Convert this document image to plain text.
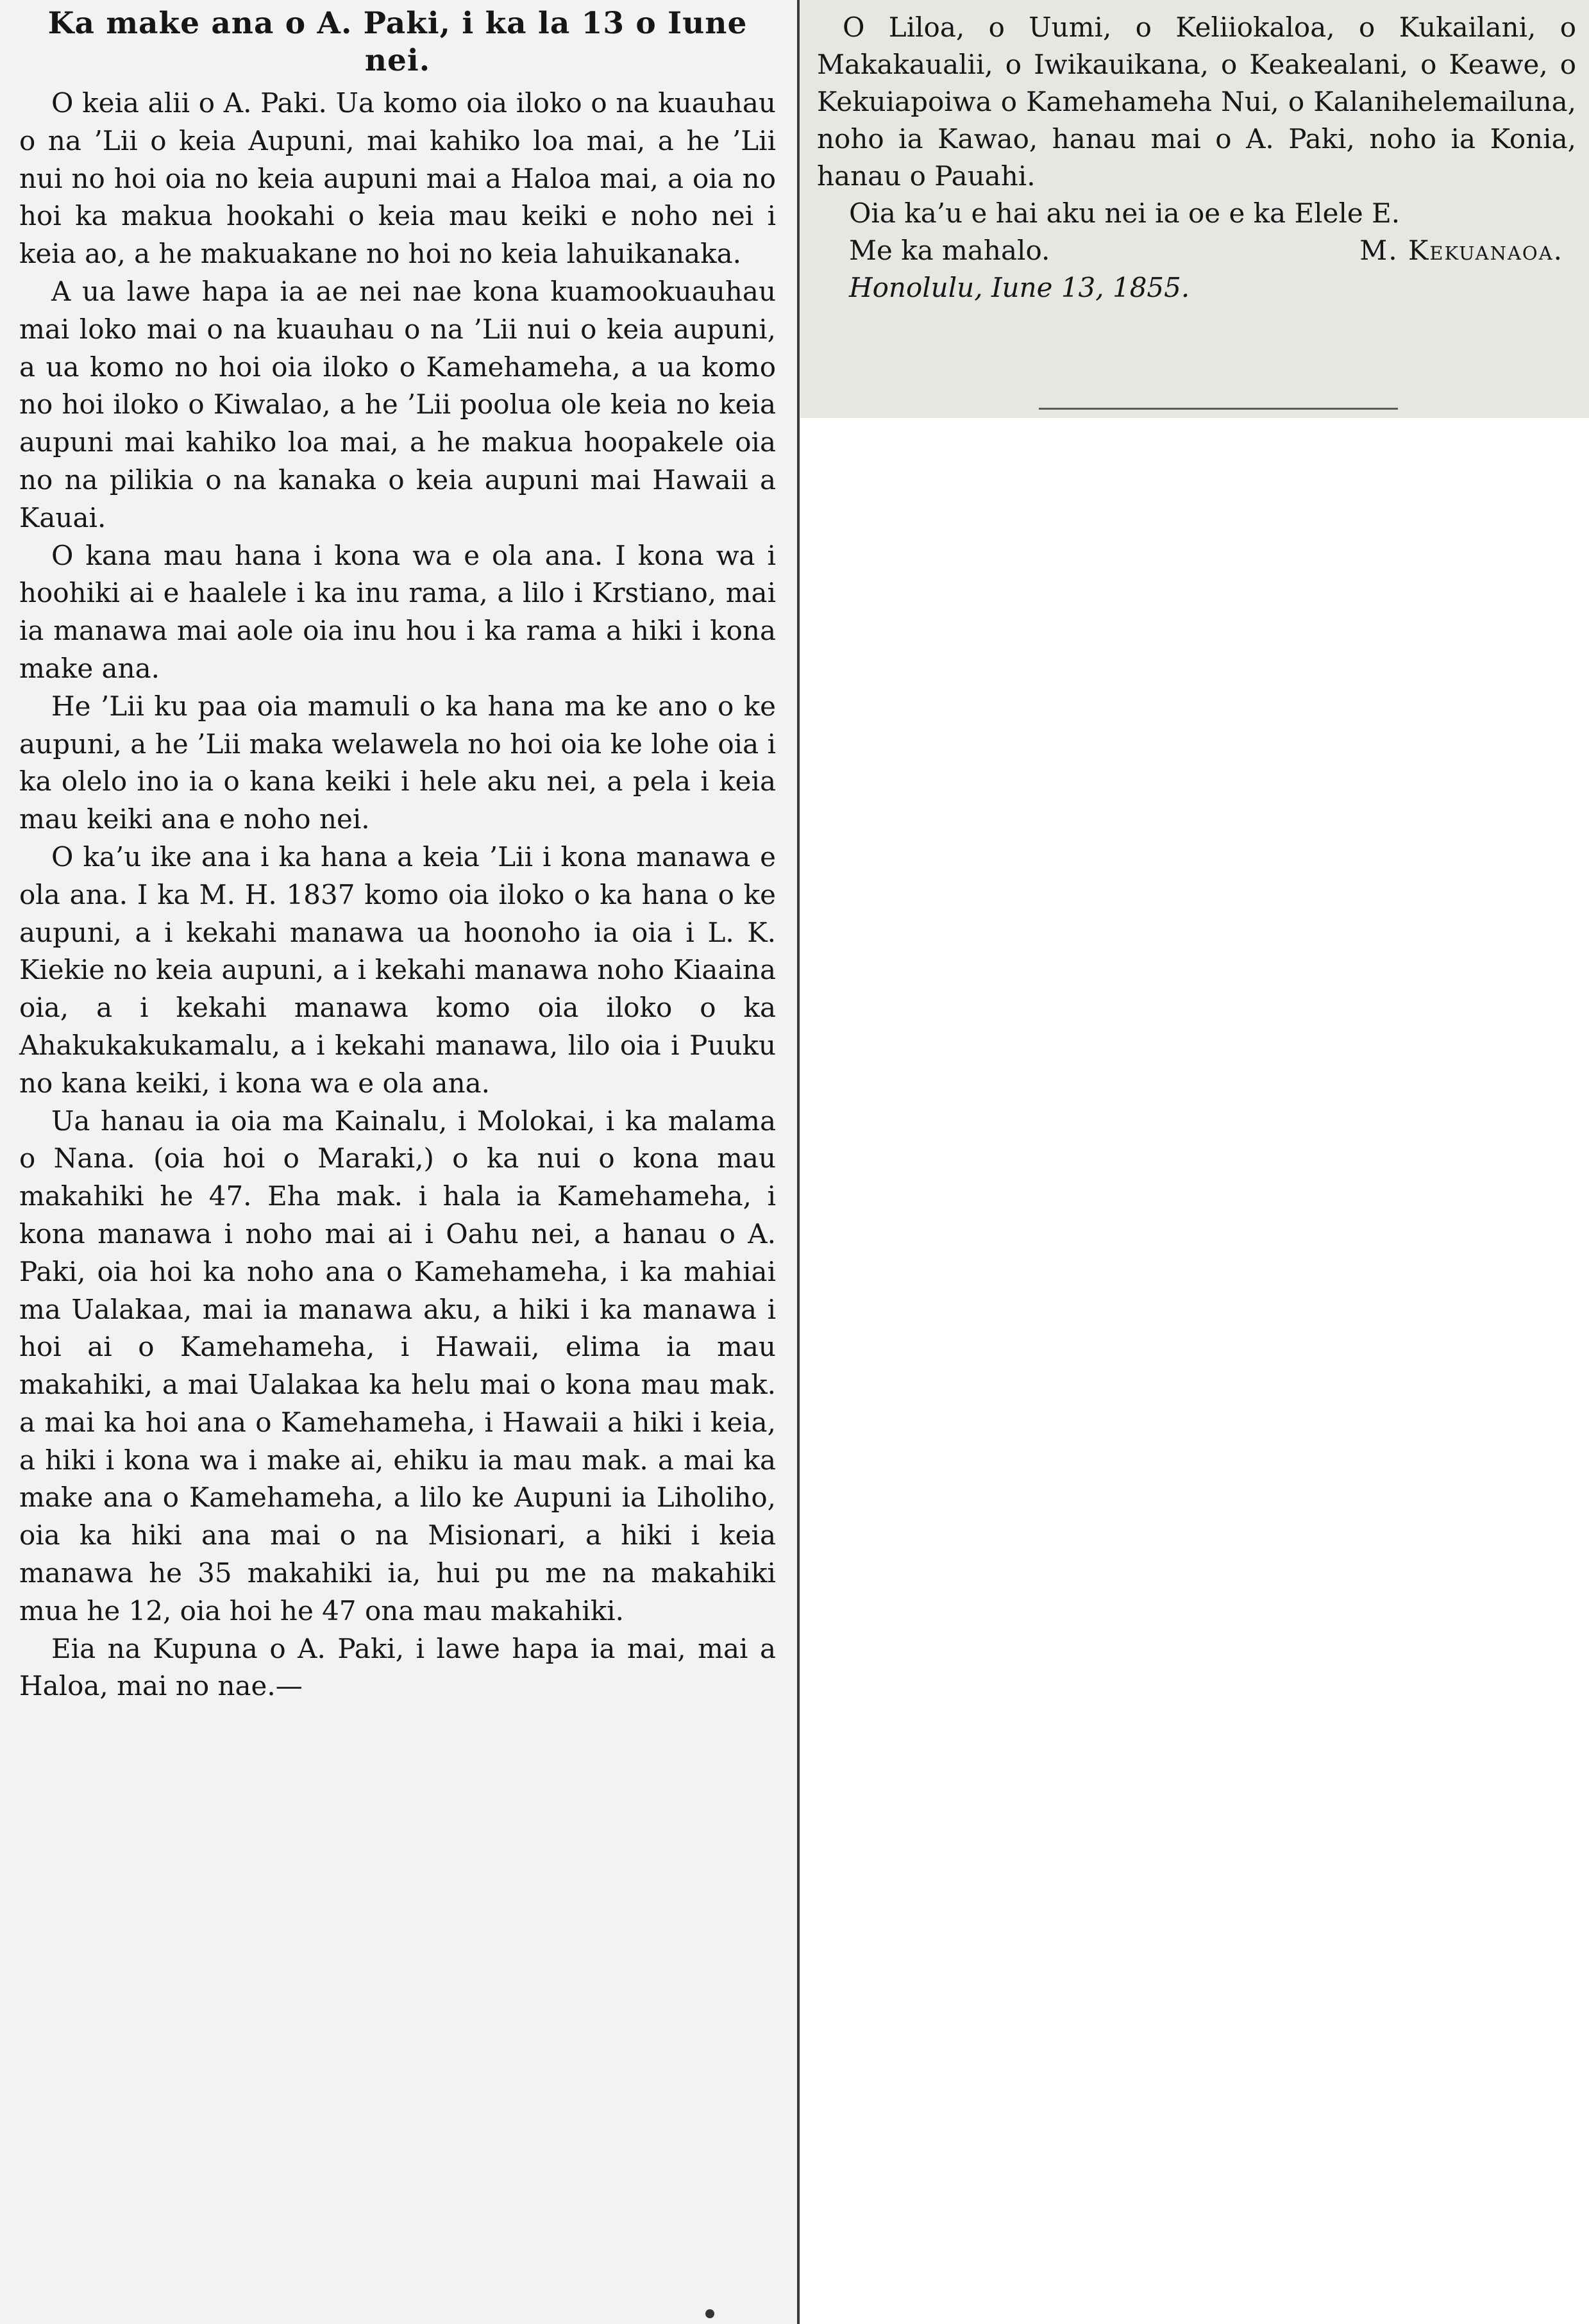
Ka make ana o A. Paki, i ka la 13 o Iune nei.

O keia alii o A. Paki. Ua komo oia iloko o na kuauhau o na ’Lii o keia Aupuni, mai kahiko loa mai, a he ’Lii nui no hoi oia no keia aupuni mai a Haloa mai, a oia no hoi ka makua hookahi o keia mau keiki e noho nei i keia ao, a he makuakane no hoi no keia lahuikanaka.

A ua lawe hapa ia ae nei nae kona kuamookuauhau mai loko mai o na kuauhau o na ’Lii nui o keia aupuni, a ua komo no hoi oia iloko o Kamehameha, a ua komo no hoi iloko o Kiwalao, a he ’Lii poolua ole keia no keia aupuni mai kahiko loa mai, a he makua hoopakele oia no na pilikia o na kanaka o keia aupuni mai Hawaii a Kauai.

O kana mau hana i kona wa e ola ana. I kona wa i hoohiki ai e haalele i ka inu rama, a lilo i Krstiano, mai ia manawa mai aole oia inu hou i ka rama a hiki i kona make ana.

He ’Lii ku paa oia mamuli o ka hana ma ke ano o ke aupuni, a he ’Lii maka welawela no hoi oia ke lohe oia i ka olelo ino ia o kana keiki i hele aku nei, a pela i keia mau keiki ana e noho nei.

O ka’u ike ana i ka hana a keia ’Lii i kona manawa e ola ana. I ka M. H. 1837 komo oia iloko o ka hana o ke aupuni, a i kekahi manawa ua hoonoho ia oia i L. K. Kiekie no keia aupuni, a i kekahi manawa noho Kiaaina oia, a i kekahi manawa komo oia iloko o ka Ahakukakukamalu, a i kekahi manawa, lilo oia i Puuku no kana keiki, i kona wa e ola ana.

Ua hanau ia oia ma Kainalu, i Molokai, i ka malama o Nana. (oia hoi o Maraki,) o ka nui o kona mau makahiki he 47. Eha mak. i hala ia Kamehameha, i kona manawa i noho mai ai i Oahu nei, a hanau o A. Paki, oia hoi ka noho ana o Kamehameha, i ka mahiai ma Ualakaa, mai ia manawa aku, a hiki i ka manawa i hoi ai o Kamehameha, i Hawaii, elima ia mau makahiki, a mai Ualakaa ka helu mai o kona mau mak. a mai ka hoi ana o Kamehameha, i Hawaii a hiki i keia, a hiki i kona wa i make ai, ehiku ia mau mak. a mai ka make ana o Kamehameha, a lilo ke Aupuni ia Liholiho, oia ka hiki ana mai o na Misionari, a hiki i keia manawa he 35 makahiki ia, hui pu me na makahiki mua he 12, oia hoi he 47 ona mau makahiki.

Eia na Kupuna o A. Paki, i lawe hapa ia mai, mai a Haloa, mai no nae.—

O Liloa, o Uumi, o Keliiokaloa, o Kukailani, o Makakaualii, o Iwikauikana, o Keakealani, o Keawe, o Kekuiapoiwa o Kamehameha Nui, o Kalanihelemailuna, noho ia Kawao, hanau mai o A. Paki, noho ia Konia, hanau o Pauahi.

Oia ka’u e hai aku nei ia oe e ka Elele E.

Me ka mahalo.	M. Kekuanaoa.

Honolulu, Iune 13, 1855.
